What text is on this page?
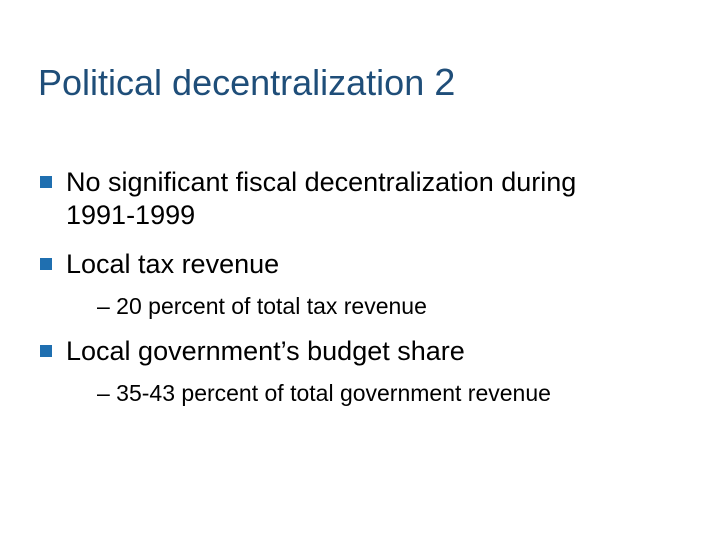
Political decentralization 2
No significant fiscal decentralization during
1991-1999
Local tax revenue
– 20 percent of total tax revenue
Local government’s budget share
– 35-43 percent of total government revenue
